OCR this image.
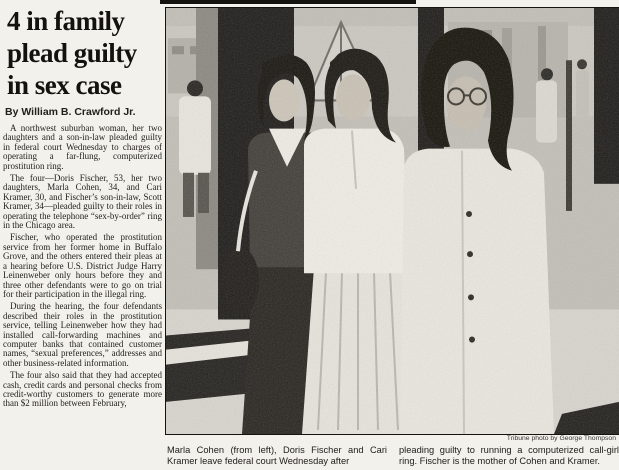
4 in family
plead guilty
in sex case
By William B. Crawford Jr.

A northwest suburban woman, her two daughters and a son-in-law pleaded guilty in federal court Wednesday to charges of operating a far-flung, computerized prostitution ring.

The four—Doris Fischer, 53, her two daughters, Marla Cohen, 34, and Cari Kramer, 30, and Fischer’s son-in-law, Scott Kramer, 34—pleaded guilty to their roles in operating the telephone “sex-by-order” ring in the Chicago area.

Fischer, who operated the prostitution service from her former home in Buffalo Grove, and the others entered their pleas at a hearing before U.S. District Judge Harry Leinenweber only hours before they and three other defendants were to go on trial for their participation in the illegal ring.

During the hearing, the four defendants described their roles in the prostitution service, telling Leinenweber how they had installed call-forwarding machines and computer banks that contained customer names, “sexual preferences,” addresses and other business-related information.

The four also said that they had accepted cash, credit cards and personal checks from credit-worthy customers to generate more than $2 million between February,

Tribune photo by George Thompson
Marla Cohen (from left), Doris Fischer and Cari Kramer leave federal court Wednesday after
pleading guilty to running a computerized call-girl ring. Fischer is the mother of Cohen and Kramer.
